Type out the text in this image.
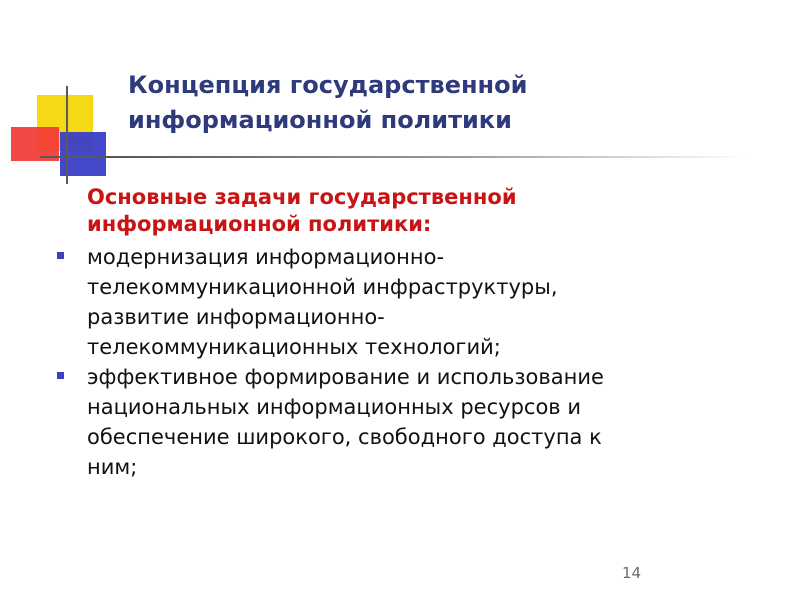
Концепция государственной
информационной политики

Основные задачи государственной
информационной политики:

модернизация информационно-
телекоммуникационной инфраструктуры,
развитие информационно-
телекоммуникационных технологий;
эффективное формирование и использование
национальных информационных ресурсов и
обеспечение широкого, свободного доступа к
ним;
14
